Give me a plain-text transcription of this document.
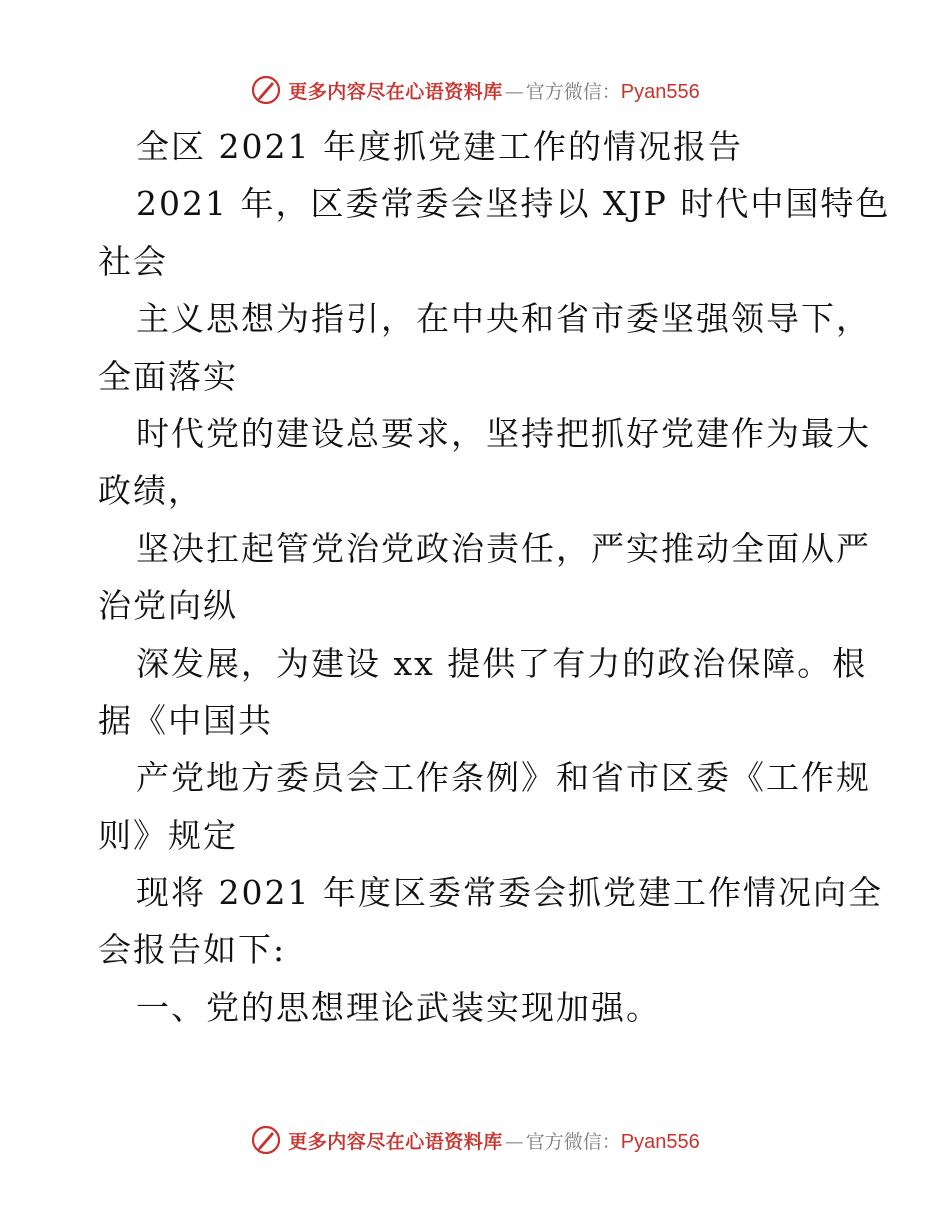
更多内容尽在心语资料库 — 官方微信： Pyan556
全区 2021 年度抓党建工作的情况报告
2021 年，区委常委会坚持以 XJP 时代中国特色
社会
主义思想为指引，在中央和省市委坚强领导下，
全面落实
时代党的建设总要求，坚持把抓好党建作为最大
政绩，
坚决扛起管党治党政治责任，严实推动全面从严
治党向纵
深发展，为建设 xx 提供了有力的政治保障。根
据《中国共
产党地方委员会工作条例》和省市区委《工作规
则》规定
现将 2021 年度区委常委会抓党建工作情况向全
会报告如下:
一、党的思想理论武装实现加强。
更多内容尽在心语资料库 — 官方微信： Pyan556
